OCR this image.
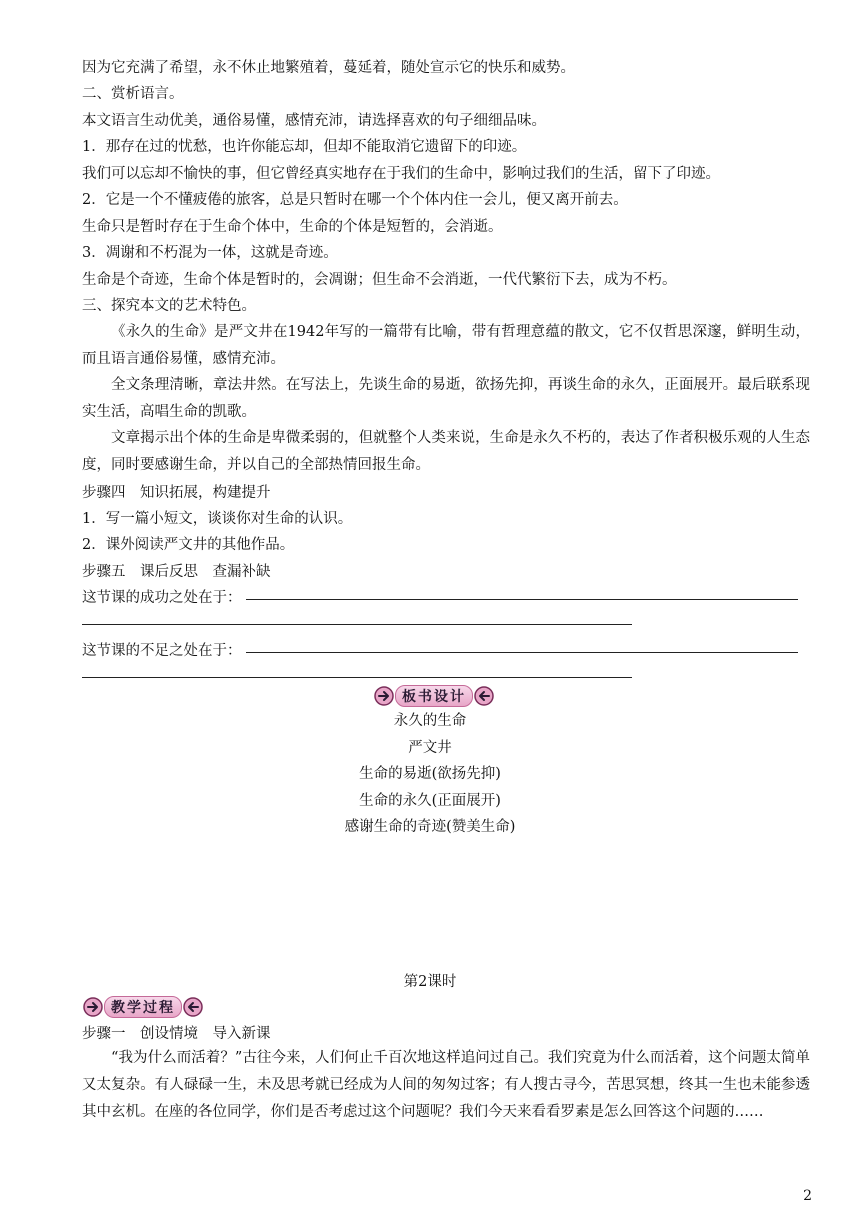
因为它充满了希望，永不休止地繁殖着，蔓延着，随处宣示它的快乐和威势。
二、赏析语言。
本文语言生动优美，通俗易懂，感情充沛，请选择喜欢的句子细细品味。
1．那存在过的忧愁，也许你能忘却，但却不能取消它遗留下的印迹。
我们可以忘却不愉快的事，但它曾经真实地存在于我们的生命中，影响过我们的生活，留下了印迹。
2．它是一个不懂疲倦的旅客，总是只暂时在哪一个个体内住一会儿，便又离开前去。
生命只是暂时存在于生命个体中，生命的个体是短暂的，会消逝。
3．凋谢和不朽混为一体，这就是奇迹。
生命是个奇迹，生命个体是暂时的，会凋谢；但生命不会消逝，一代代繁衍下去，成为不朽。
三、探究本文的艺术特色。
《永久的生命》是严文井在1942年写的一篇带有比喻，带有哲理意蕴的散文，它不仅哲思深邃，鲜明生动，而且语言通俗易懂，感情充沛。
全文条理清晰，章法井然。在写法上，先谈生命的易逝，欲扬先抑，再谈生命的永久，正面展开。最后联系现实生活，高唱生命的凯歌。
文章揭示出个体的生命是卑微柔弱的，但就整个人类来说，生命是永久不朽的，表达了作者积极乐观的人生态度，同时要感谢生命，并以自己的全部热情回报生命。
步骤四　知识拓展，构建提升
1．写一篇小短文，谈谈你对生命的认识。
2．课外阅读严文井的其他作品。
步骤五　课后反思　查漏补缺
这节课的成功之处在于：
这节课的不足之处在于：
板书设计
永久的生命
严文井
生命的易逝(欲扬先抑)
生命的永久(正面展开)
感谢生命的奇迹(赞美生命)
第2课时
教学过程
步骤一　创设情境　导入新课
“我为什么而活着？”古往今来，人们何止千百次地这样追问过自己。我们究竟为什么而活着，这个问题太简单又太复杂。有人碌碌一生，未及思考就已经成为人间的匆匆过客；有人搜古寻今，苦思冥想，终其一生也未能参透其中玄机。在座的各位同学，你们是否考虑过这个问题呢？我们今天来看看罗素是怎么回答这个问题的……
2
